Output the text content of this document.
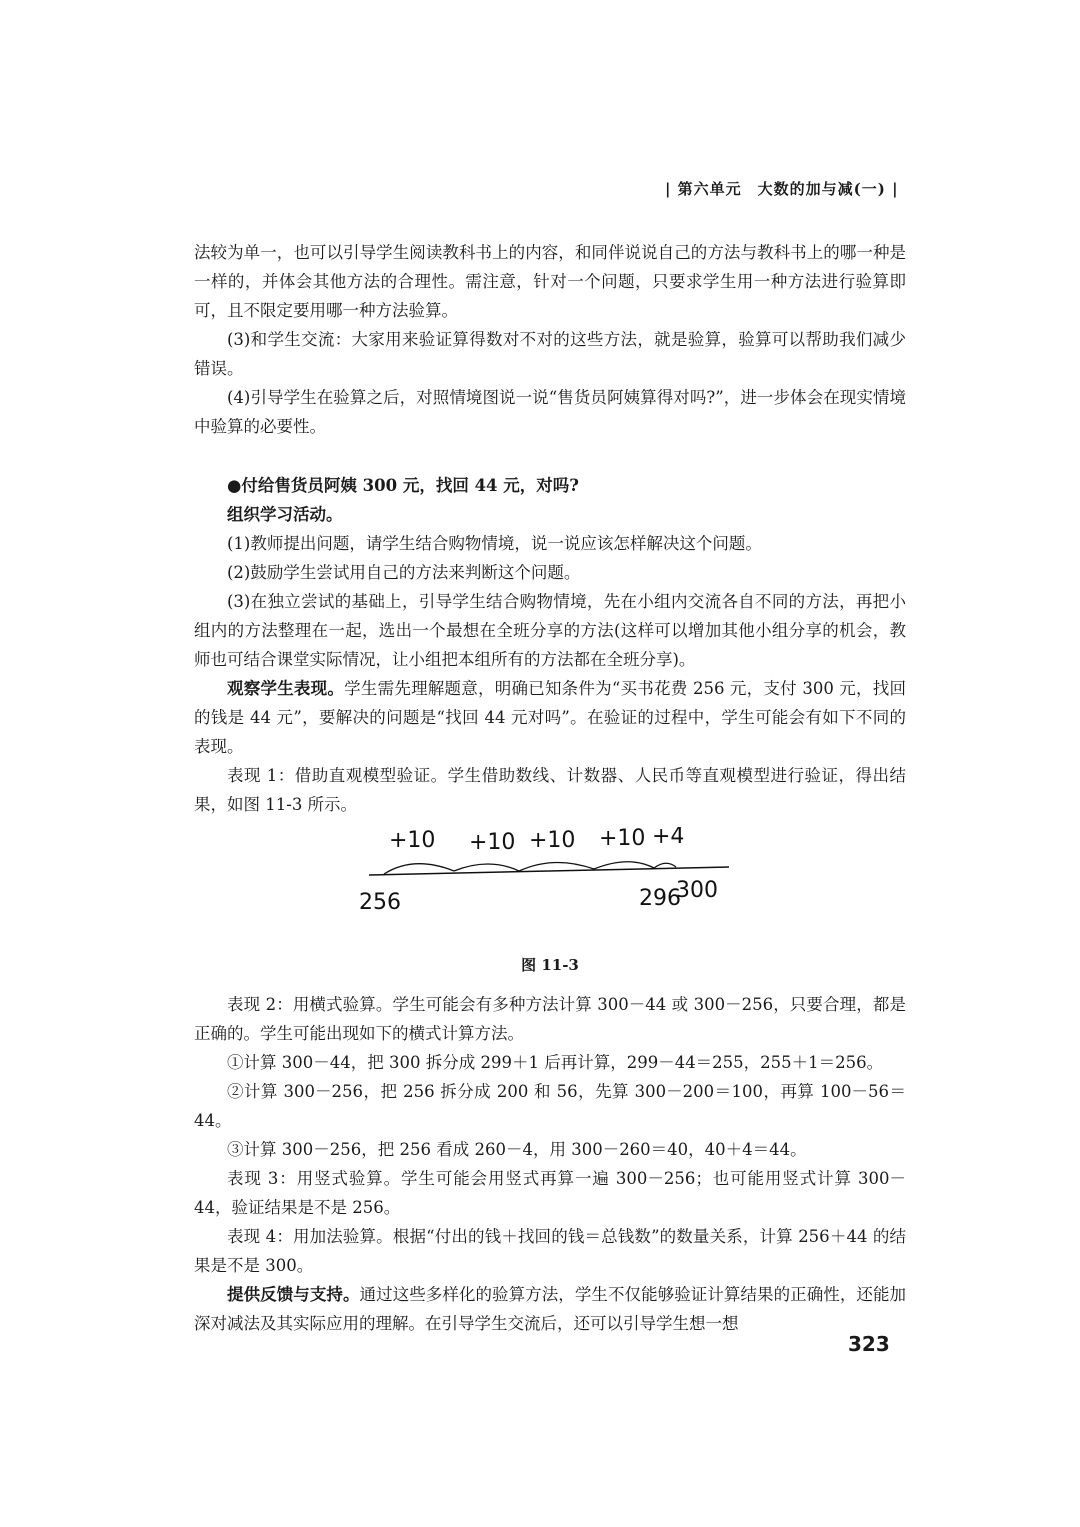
| 第六单元　大数的加与减(一) |

法较为单一，也可以引导学生阅读教科书上的内容，和同伴说说自己的方法与教科书上的哪一种是一样的，并体会其他方法的合理性。需注意，针对一个问题，只要求学生用一种方法进行验算即可，且不限定要用哪一种方法验算。

(3)和学生交流：大家用来验证算得数对不对的这些方法，就是验算，验算可以帮助我们减少错误。

(4)引导学生在验算之后，对照情境图说一说“售货员阿姨算得对吗?”，进一步体会在现实情境中验算的必要性。

●付给售货员阿姨 300 元，找回 44 元，对吗?

组织学习活动。

(1)教师提出问题，请学生结合购物情境，说一说应该怎样解决这个问题。

(2)鼓励学生尝试用自己的方法来判断这个问题。

(3)在独立尝试的基础上，引导学生结合购物情境，先在小组内交流各自不同的方法，再把小组内的方法整理在一起，选出一个最想在全班分享的方法(这样可以增加其他小组分享的机会，教师也可结合课堂实际情况，让小组把本组所有的方法都在全班分享)。

观察学生表现。学生需先理解题意，明确已知条件为“买书花费 256 元，支付 300 元，找回的钱是 44 元”，要解决的问题是“找回 44 元对吗”。在验证的过程中，学生可能会有如下不同的表现。

表现 1：借助直观模型验证。学生借助数线、计数器、人民币等直观模型进行验证，得出结果，如图 11-3 所示。

+10 +10 +10 +10 +4
256	296
300
图 11-3

表现 2：用横式验算。学生可能会有多种方法计算 300－44 或 300－256，只要合理，都是正确的。学生可能出现如下的横式计算方法。

①计算 300－44，把 300 拆分成 299＋1 后再计算，299－44＝255，255＋1＝256。

②计算 300－256，把 256 拆分成 200 和 56，先算 300－200＝100，再算 100－56＝44。

③计算 300－256，把 256 看成 260－4，用 300－260＝40，40＋4＝44。

表现 3：用竖式验算。学生可能会用竖式再算一遍 300－256；也可能用竖式计算 300－44，验证结果是不是 256。

表现 4：用加法验算。根据“付出的钱＋找回的钱＝总钱数”的数量关系，计算 256＋44 的结果是不是 300。

提供反馈与支持。通过这些多样化的验算方法，学生不仅能够验证计算结果的正确性，还能加深对减法及其实际应用的理解。在引导学生交流后，还可以引导学生想一想

323
